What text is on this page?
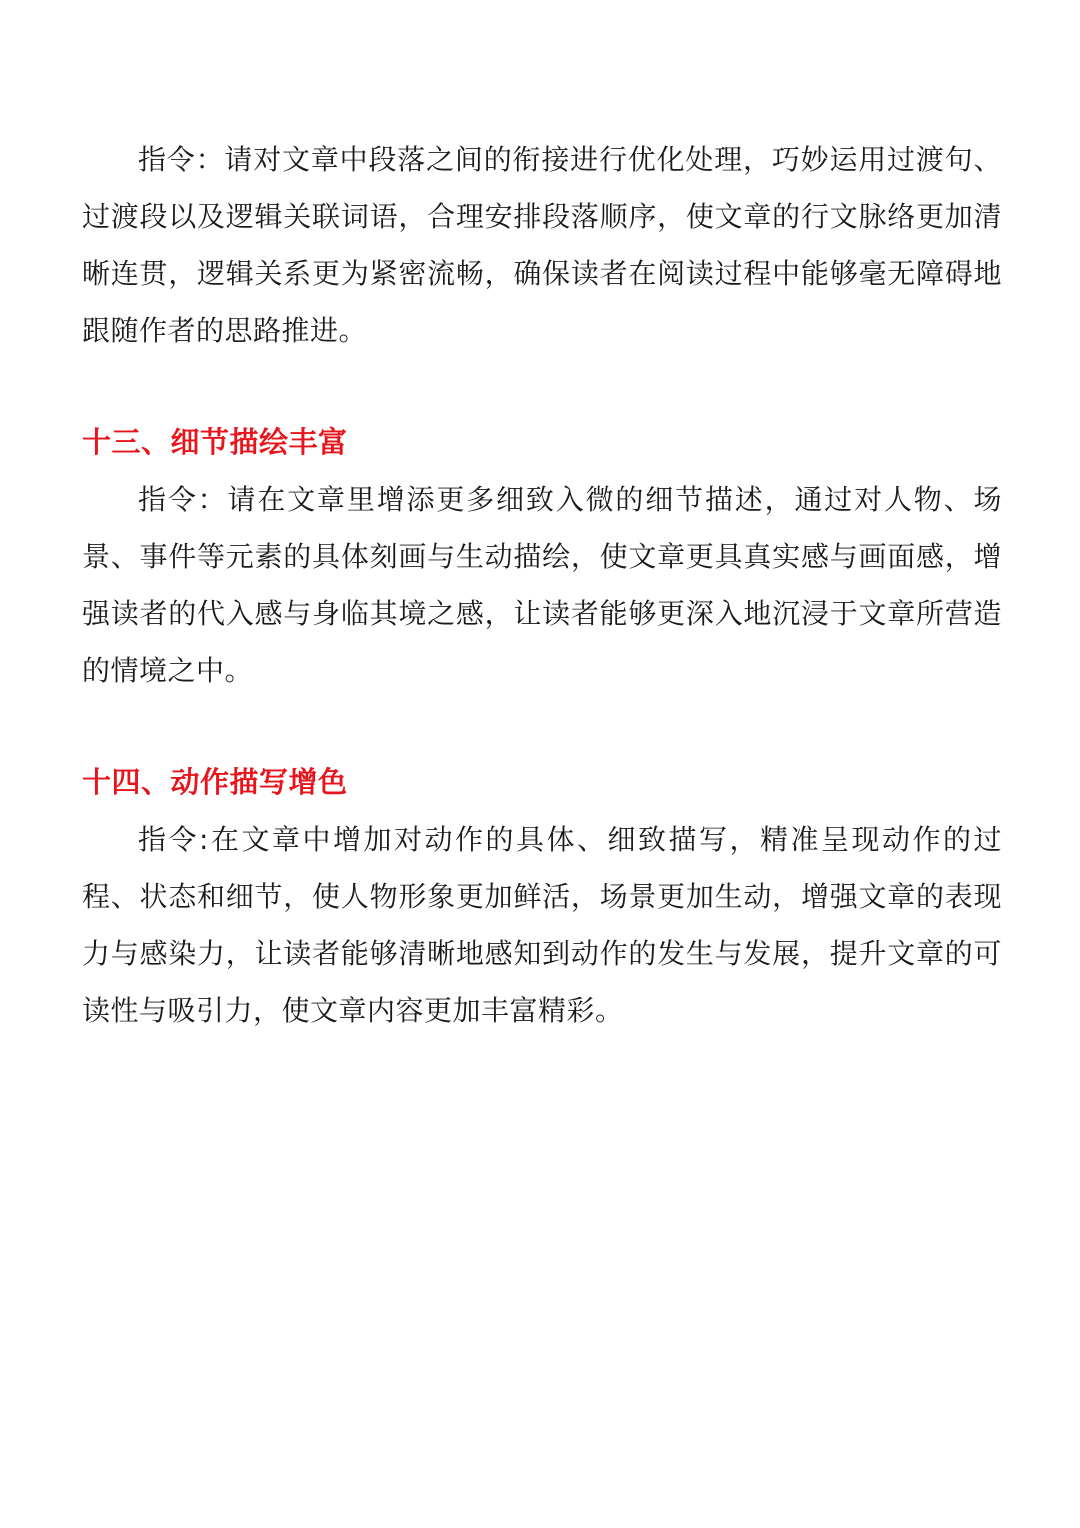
指令：请对文章中段落之间的衔接进行优化处理，巧妙运用过渡句、过渡段以及逻辑关联词语，合理安排段落顺序，使文章的行文脉络更加清晰连贯，逻辑关系更为紧密流畅，确保读者在阅读过程中能够毫无障碍地跟随作者的思路推进。

十三、细节描绘丰富

指令：请在文章里增添更多细致入微的细节描述，通过对人物、场景、事件等元素的具体刻画与生动描绘，使文章更具真实感与画面感，增强读者的代入感与身临其境之感，让读者能够更深入地沉浸于文章所营造的情境之中。

十四、动作描写增色

指令:在文章中增加对动作的具体、细致描写，精准呈现动作的过程、状态和细节，使人物形象更加鲜活，场景更加生动，增强文章的表现力与感染力，让读者能够清晰地感知到动作的发生与发展，提升文章的可读性与吸引力，使文章内容更加丰富精彩。
